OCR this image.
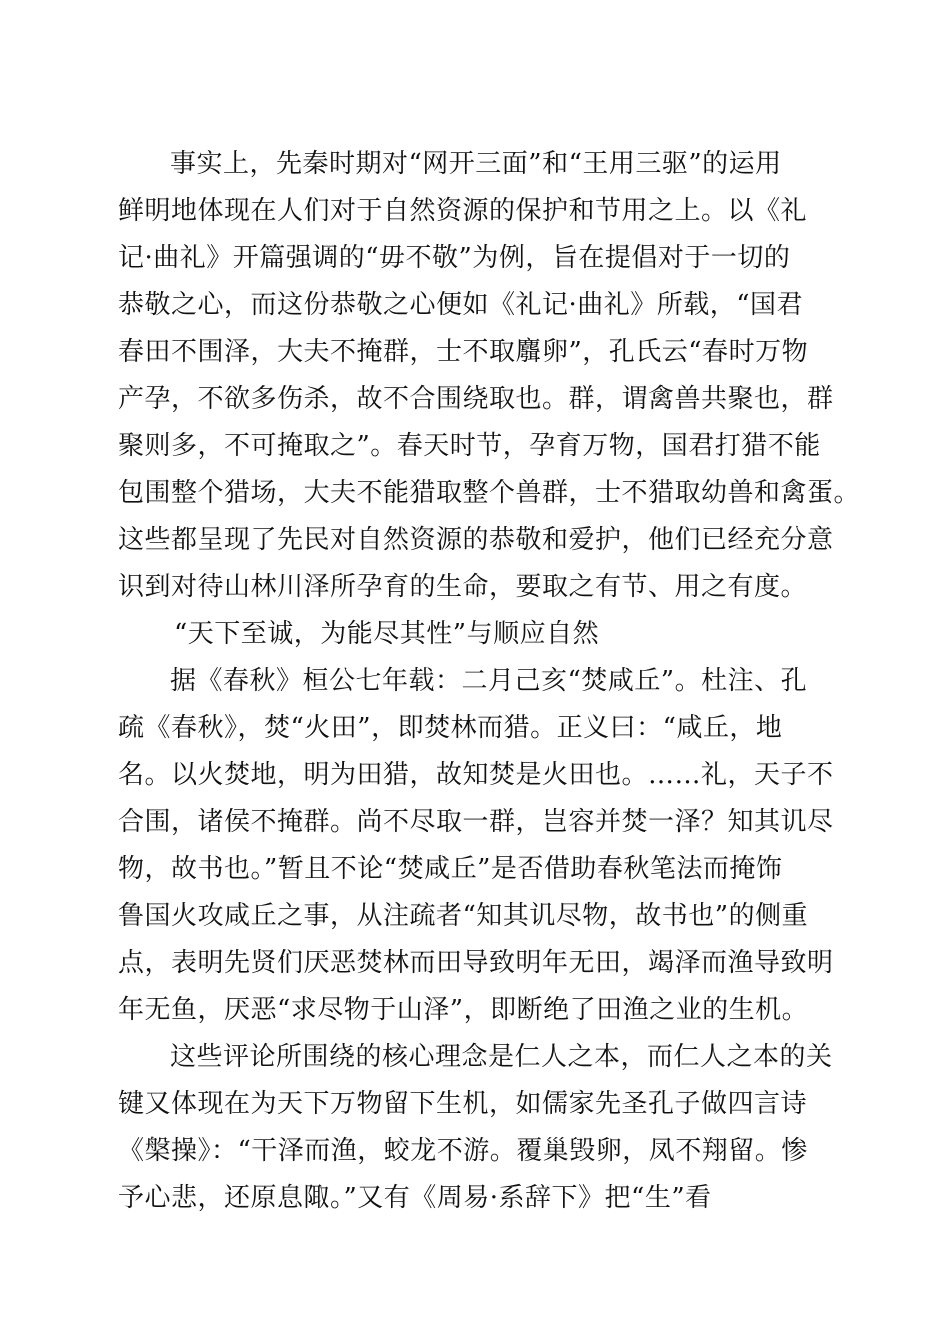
事实上，先秦时期对“网开三面”和“王用三驱”的运用
鲜明地体现在人们对于自然资源的保护和节用之上。以《礼
记·曲礼》开篇强调的“毋不敬”为例，旨在提倡对于一切的
恭敬之心，而这份恭敬之心便如《礼记·曲礼》所载，“国君
春田不围泽，大夫不掩群，士不取麛卵”，孔氏云“春时万物
产孕，不欲多伤杀，故不合围绕取也。群，谓禽兽共聚也，群
聚则多，不可掩取之”。春天时节，孕育万物，国君打猎不能
包围整个猎场，大夫不能猎取整个兽群，士不猎取幼兽和禽蛋。
这些都呈现了先民对自然资源的恭敬和爱护，他们已经充分意
识到对待山林川泽所孕育的生命，要取之有节、用之有度。
“天下至诚，为能尽其性”与顺应自然
据《春秋》桓公七年载：二月己亥“焚咸丘”。杜注、孔
疏《春秋》，焚“火田”，即焚林而猎。正义曰：“咸丘，地
名。以火焚地，明为田猎，故知焚是火田也。……礼，天子不
合围，诸侯不掩群。尚不尽取一群，岂容并焚一泽？知其讥尽
物，故书也。”暂且不论“焚咸丘”是否借助春秋笔法而掩饰
鲁国火攻咸丘之事，从注疏者“知其讥尽物，故书也”的侧重
点，表明先贤们厌恶焚林而田导致明年无田，竭泽而渔导致明
年无鱼，厌恶“求尽物于山泽”，即断绝了田渔之业的生机。
这些评论所围绕的核心理念是仁人之本，而仁人之本的关
键又体现在为天下万物留下生机，如儒家先圣孔子做四言诗
《槃操》：“干泽而渔，蛟龙不游。覆巢毁卵，凤不翔留。惨
予心悲，还原息陬。”又有《周易·系辞下》把“生”看
